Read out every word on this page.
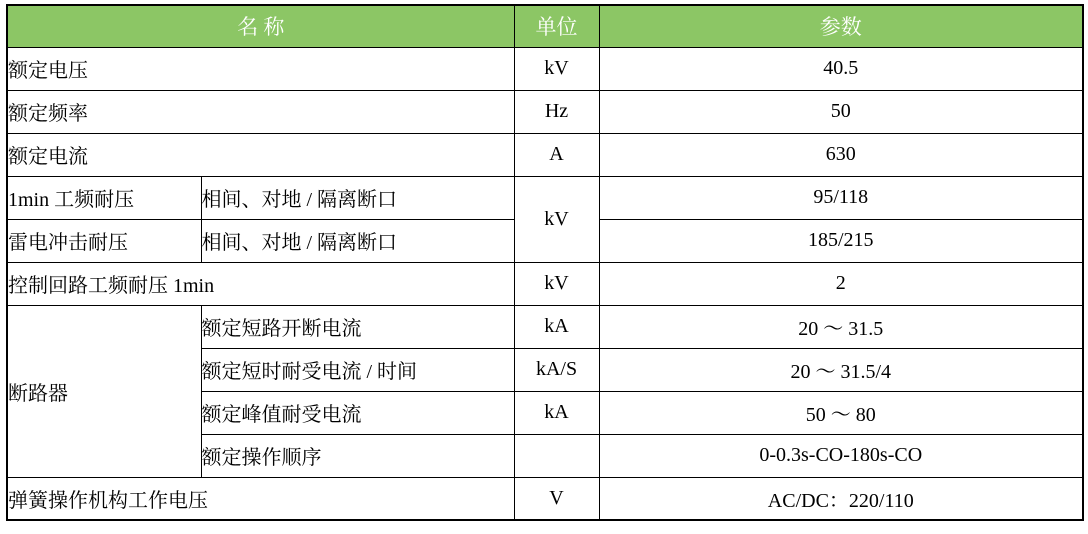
名 称		单位	参数
额定电压		kV	40.5
额定频率		Hz	50
额定电流		A	630
1min 工频耐压	相间、对地 / 隔离断口	kV	95/118
雷电冲击耐压	相间、对地 / 隔离断口		185/215
控制回路工频耐压 1min		kV	2
断路器	额定短路开断电流	kA	20 ～ 31.5
	额定短时耐受电流 / 时间	kA/S	20 ～ 31.5/4
	额定峰值耐受电流	kA	50 ～ 80
	额定操作顺序		0-0.3s-CO-180s-CO
弹簧操作机构工作电压		V	AC/DC：220/110
